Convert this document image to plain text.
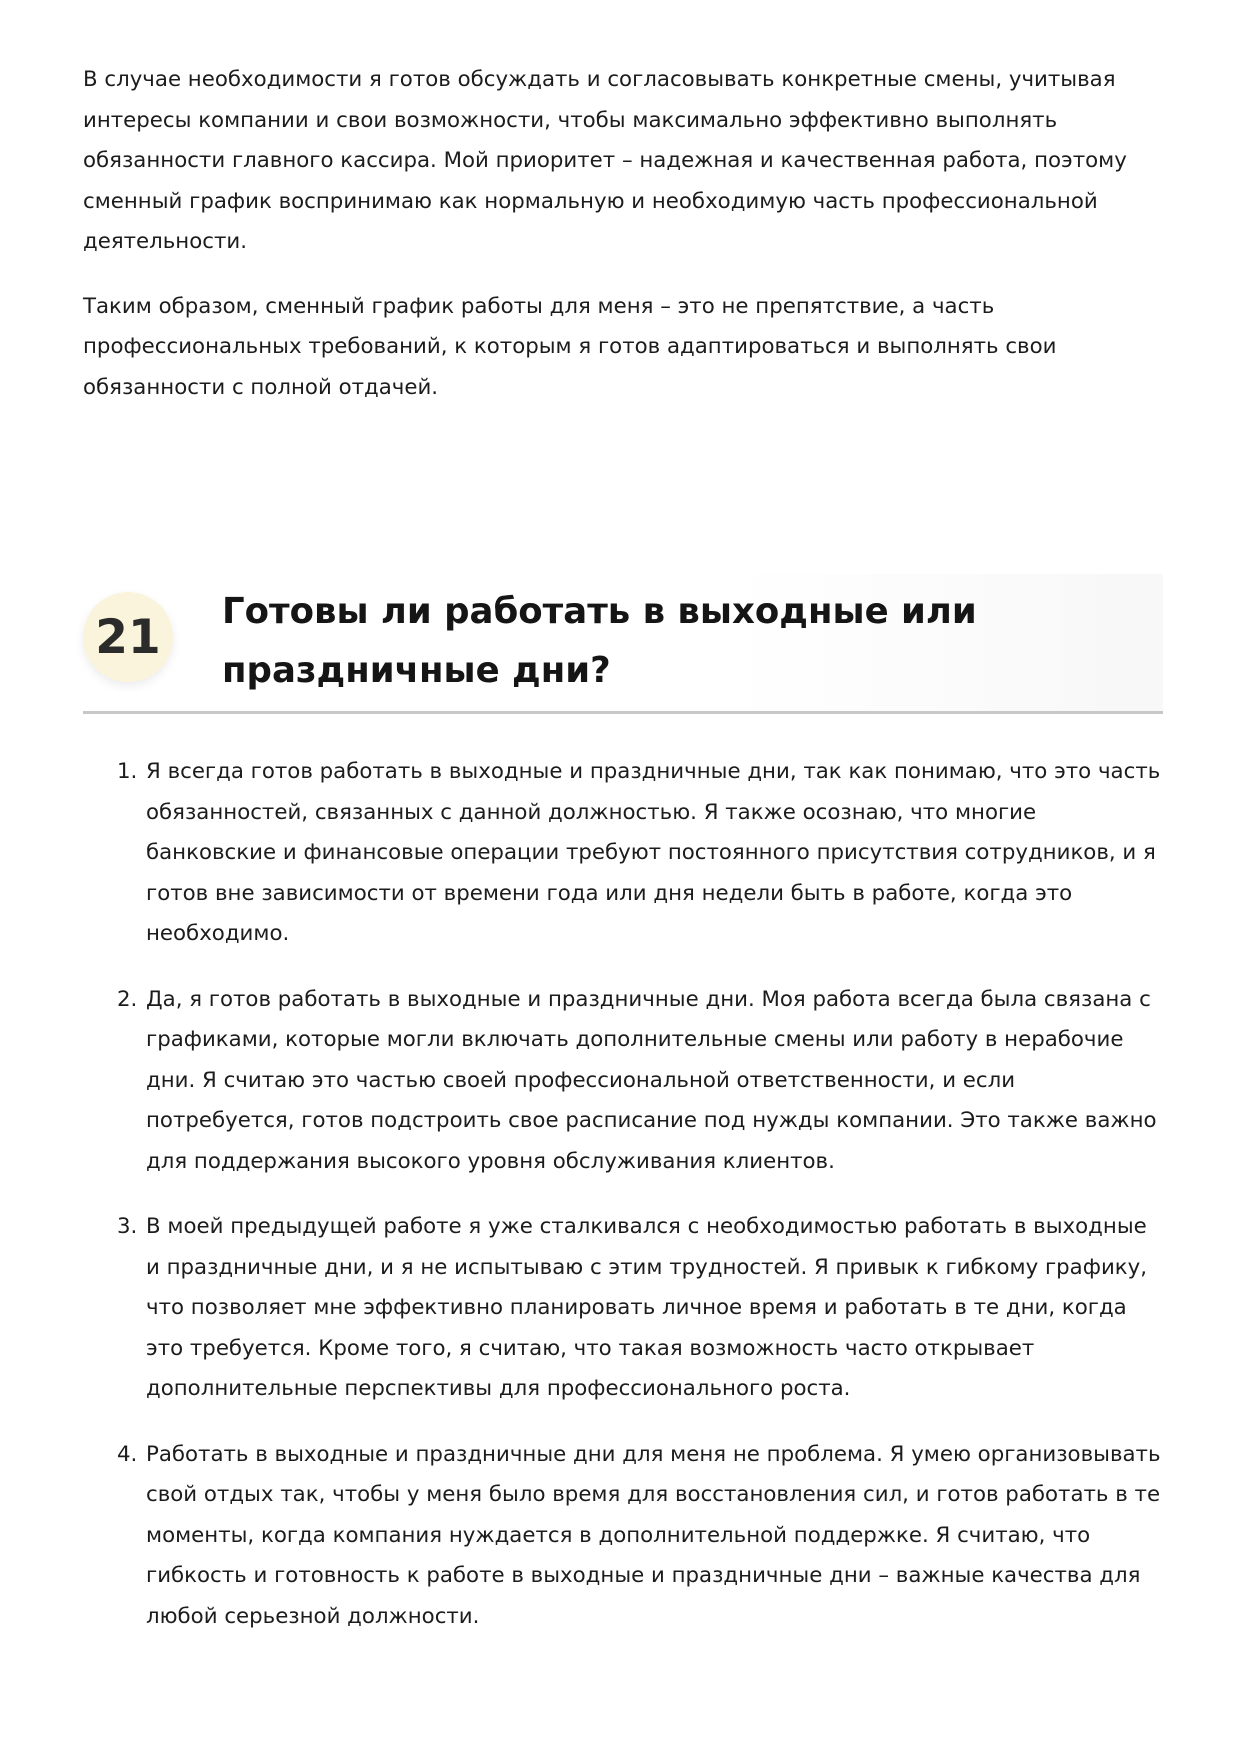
В случае необходимости я готов обсуждать и согласовывать конкретные смены, учитывая интересы компании и свои возможности, чтобы максимально эффективно выполнять обязанности главного кассира. Мой приоритет – надежная и качественная работа, поэтому сменный график воспринимаю как нормальную и необходимую часть профессиональной деятельности.

Таким образом, сменный график работы для меня – это не препятствие, а часть профессиональных требований, к которым я готов адаптироваться и выполнять свои обязанности с полной отдачей.

21	Готовы ли работать в выходные или праздничные дни?
1. Я всегда готов работать в выходные и праздничные дни, так как понимаю, что это часть обязанностей, связанных с данной должностью. Я также осознаю, что многие банковские и финансовые операции требуют постоянного присутствия сотрудников, и я готов вне зависимости от времени года или дня недели быть в работе, когда это необходимо.
2. Да, я готов работать в выходные и праздничные дни. Моя работа всегда была связана с графиками, которые могли включать дополнительные смены или работу в нерабочие дни. Я считаю это частью своей профессиональной ответственности, и если потребуется, готов подстроить свое расписание под нужды компании. Это также важно для поддержания высокого уровня обслуживания клиентов.
3. В моей предыдущей работе я уже сталкивался с необходимостью работать в выходные и праздничные дни, и я не испытываю с этим трудностей. Я привык к гибкому графику, что позволяет мне эффективно планировать личное время и работать в те дни, когда это требуется. Кроме того, я считаю, что такая возможность часто открывает дополнительные перспективы для профессионального роста.
4. Работать в выходные и праздничные дни для меня не проблема. Я умею организовывать свой отдых так, чтобы у меня было время для восстановления сил, и готов работать в те моменты, когда компания нуждается в дополнительной поддержке. Я считаю, что гибкость и готовность к работе в выходные и праздничные дни – важные качества для любой серьезной должности.
